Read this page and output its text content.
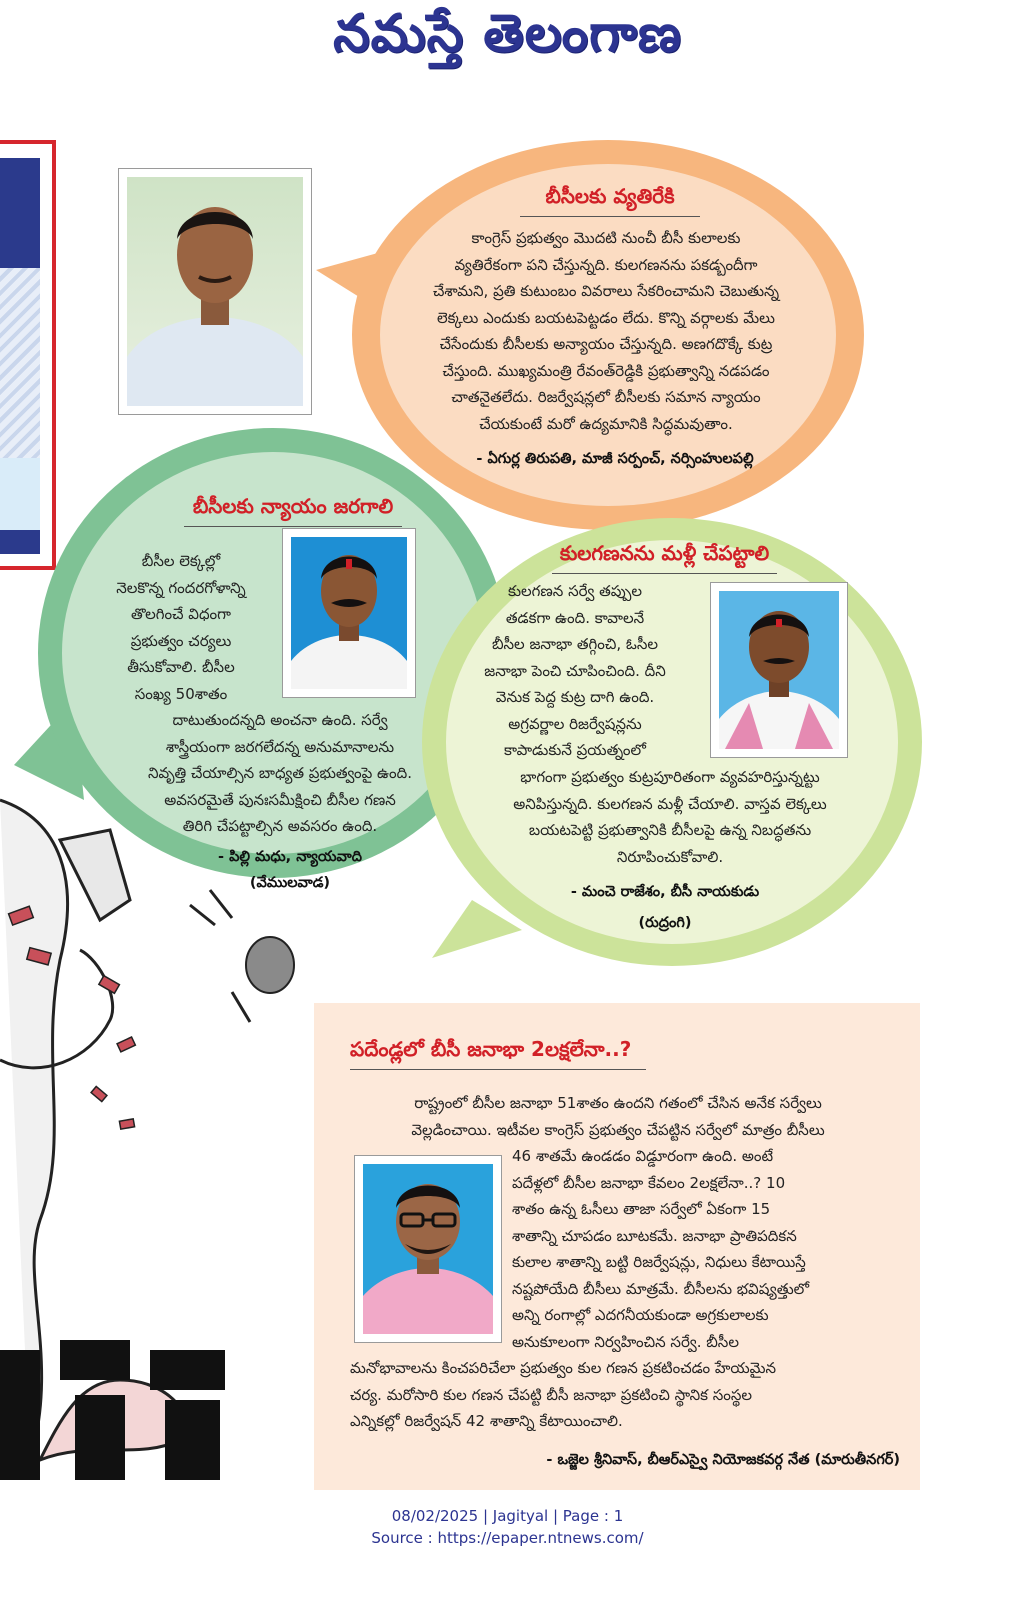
నమస్తే తెలంగాణ
బీసీలకు వ్యతిరేకి
కాంగ్రెస్ ప్రభుత్వం మొదటి నుంచీ బీసీ కులాలకు
వ్యతిరేకంగా పని చేస్తున్నది. కులగణనను పకడ్బందీగా
చేశామని, ప్రతి కుటుంబం వివరాలు సేకరించామని చెబుతున్న
లెక్కలు ఎందుకు బయటపెట్టడం లేదు. కొన్ని వర్గాలకు మేలు
చేసేందుకు బీసీలకు అన్యాయం చేస్తున్నది. అణగదొక్కే కుట్ర
చేస్తుంది. ముఖ్యమంత్రి రేవంత్‌రెడ్డికి ప్రభుత్వాన్ని నడపడం
చాతనైతలేదు. రిజర్వేషన్లలో బీసీలకు సమాన న్యాయం
చేయకుంటే మరో ఉద్యమానికి సిద్ధమవుతాం.
- ఏగుర్ల తిరుపతి, మాజీ సర్పంచ్, నర్సింహులపల్లి
బీసీలకు న్యాయం జరగాలి
బీసీల లెక్కల్లో
నెలకొన్న గందరగోళాన్ని
తొలగించే విధంగా
ప్రభుత్వం చర్యలు
తీసుకోవాలి. బీసీల
సంఖ్య 50శాతం
దాటుతుందన్నది అంచనా ఉంది. సర్వే
శాస్త్రీయంగా జరగలేదన్న అనుమానాలను
నివృత్తి చేయాల్సిన బాధ్యత ప్రభుత్వంపై ఉంది.
అవసరమైతే పునఃసమీక్షించి బీసీల గణన
తిరిగి చేపట్టాల్సిన అవసరం ఉంది.
- పిల్లి మధు, న్యాయవాది
(వేములవాడ)
కులగణనను మళ్లీ చేపట్టాలి
కులగణన సర్వే తప్పుల
తడకగా ఉంది. కావాలనే
బీసీల జనాభా తగ్గించి, ఓసీల
జనాభా పెంచి చూపించింది. దీని
వెనుక పెద్ద కుట్ర దాగి ఉంది.
అగ్రవర్ణాల రిజర్వేషన్లను
కాపాడుకునే ప్రయత్నంలో
భాగంగా ప్రభుత్వం కుట్రపూరితంగా వ్యవహరిస్తున్నట్టు
అనిపిస్తున్నది. కులగణన మళ్లీ చేయాలి. వాస్తవ లెక్కలు
బయటపెట్టి ప్రభుత్వానికి బీసీలపై ఉన్న నిబద్ధతను
నిరూపించుకోవాలి.
- మంచె రాజేశం, బీసీ నాయకుడు
(రుద్రంగి)
పదేండ్లలో బీసీ జనాభా 2లక్షలేనా..?
రాష్ట్రంలో బీసీల జనాభా 51శాతం ఉందని గతంలో చేసిన అనేక సర్వేలు
వెల్లడించాయి. ఇటీవల కాంగ్రెస్ ప్రభుత్వం చేపట్టిన సర్వేలో మాత్రం బీసీలు
46 శాతమే ఉండడం విడ్డూరంగా ఉంది. అంటే
పదేళ్లలో బీసీల జనాభా కేవలం 2లక్షలేనా..? 10
శాతం ఉన్న ఓసీలు తాజా సర్వేలో ఏకంగా 15
శాతాన్ని చూపడం బూటకమే. జనాభా ప్రాతిపదికన
కులాల శాతాన్ని బట్టి రిజర్వేషన్లు, నిధులు కేటాయిస్తే
నష్టపోయేది బీసీలు మాత్రమే. బీసీలను భవిష్యత్తులో
అన్ని రంగాల్లో ఎదగనీయకుండా అగ్రకులాలకు
అనుకూలంగా నిర్వహించిన సర్వే. బీసీల
మనోభావాలను కించపరిచేలా ప్రభుత్వం కుల గణన ప్రకటించడం హేయమైన
చర్య. మరోసారి కుల గణన చేపట్టి బీసీ జనాభా ప్రకటించి స్థానిక సంస్థల
ఎన్నికల్లో రిజర్వేషన్ 42 శాతాన్ని కేటాయించాలి.
- ఒజ్జెల శ్రీనివాస్, బీఆర్ఎస్వై నియోజకవర్గ నేత (మారుతీనగర్)
08/02/2025 | Jagityal | Page : 1
Source : https://epaper.ntnews.com/
